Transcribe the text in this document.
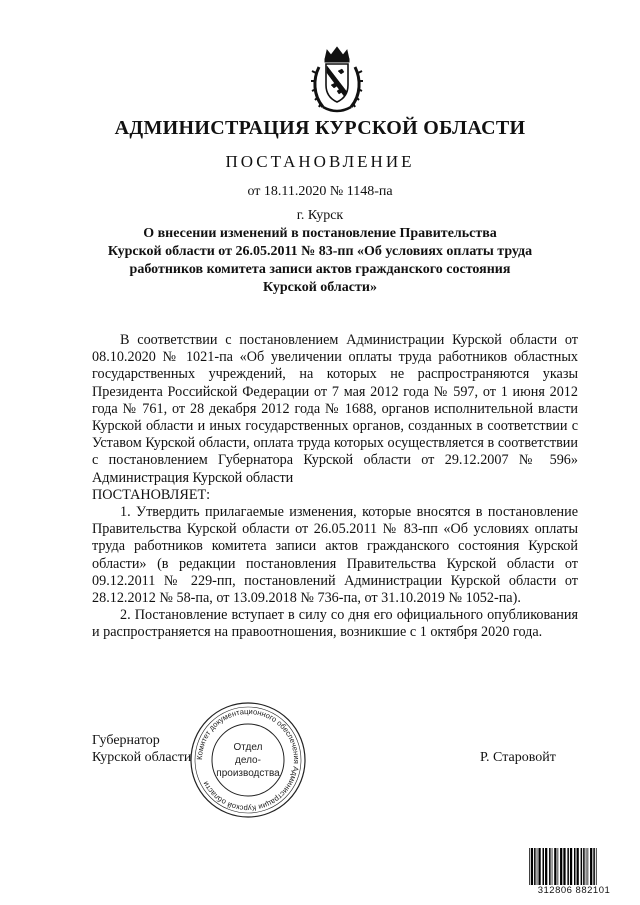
АДМИНИСТРАЦИЯ КУРСКОЙ ОБЛАСТИ
ПОСТАНОВЛЕНИЕ
от 18.11.2020 № 1148-па
г. Курск
О внесении изменений в постановление Правительства
Курской области от 26.05.2011 № 83-пп «Об условиях оплаты труда
работников комитета записи актов гражданского состояния
Курской области»

В соответствии с постановлением Администрации Курской области от 08.10.2020 № 1021-па «Об увеличении оплаты труда работников областных государственных учреждений, на которых не распространяются указы Президента Российской Федерации от 7 мая 2012 года № 597, от 1 июня 2012 года № 761, от 28 декабря 2012 года № 1688, органов исполнительной власти Курской области и иных государственных органов, созданных в соответствии с Уставом Курской области, оплата труда которых осуществляется в соответствии с постановлением Губернатора Курской области от 29.12.2007 № 596» Администрация Курской области

ПОСТАНОВЛЯЕТ:

1. Утвердить прилагаемые изменения, которые вносятся в постановление Правительства Курской области от 26.05.2011 № 83-пп «Об условиях оплаты труда работников комитета записи актов гражданского состояния Курской области» (в редакции постановления Правительства Курской области от 09.12.2011 № 229-пп, постановлений Администрации Курской области от 28.12.2012 № 58-па, от 13.09.2018 № 736-па, от 31.10.2019 № 1052-па).

2. Постановление вступает в силу со дня его официального опубликования и распространяется на правоотношения, возникшие с 1 октября 2020 года.

Губернатор
Курской области	Р. Старовойт
Комитет документационного обеспечения Администрации Курской области
Отдел
дело-
производства
312806 882101
